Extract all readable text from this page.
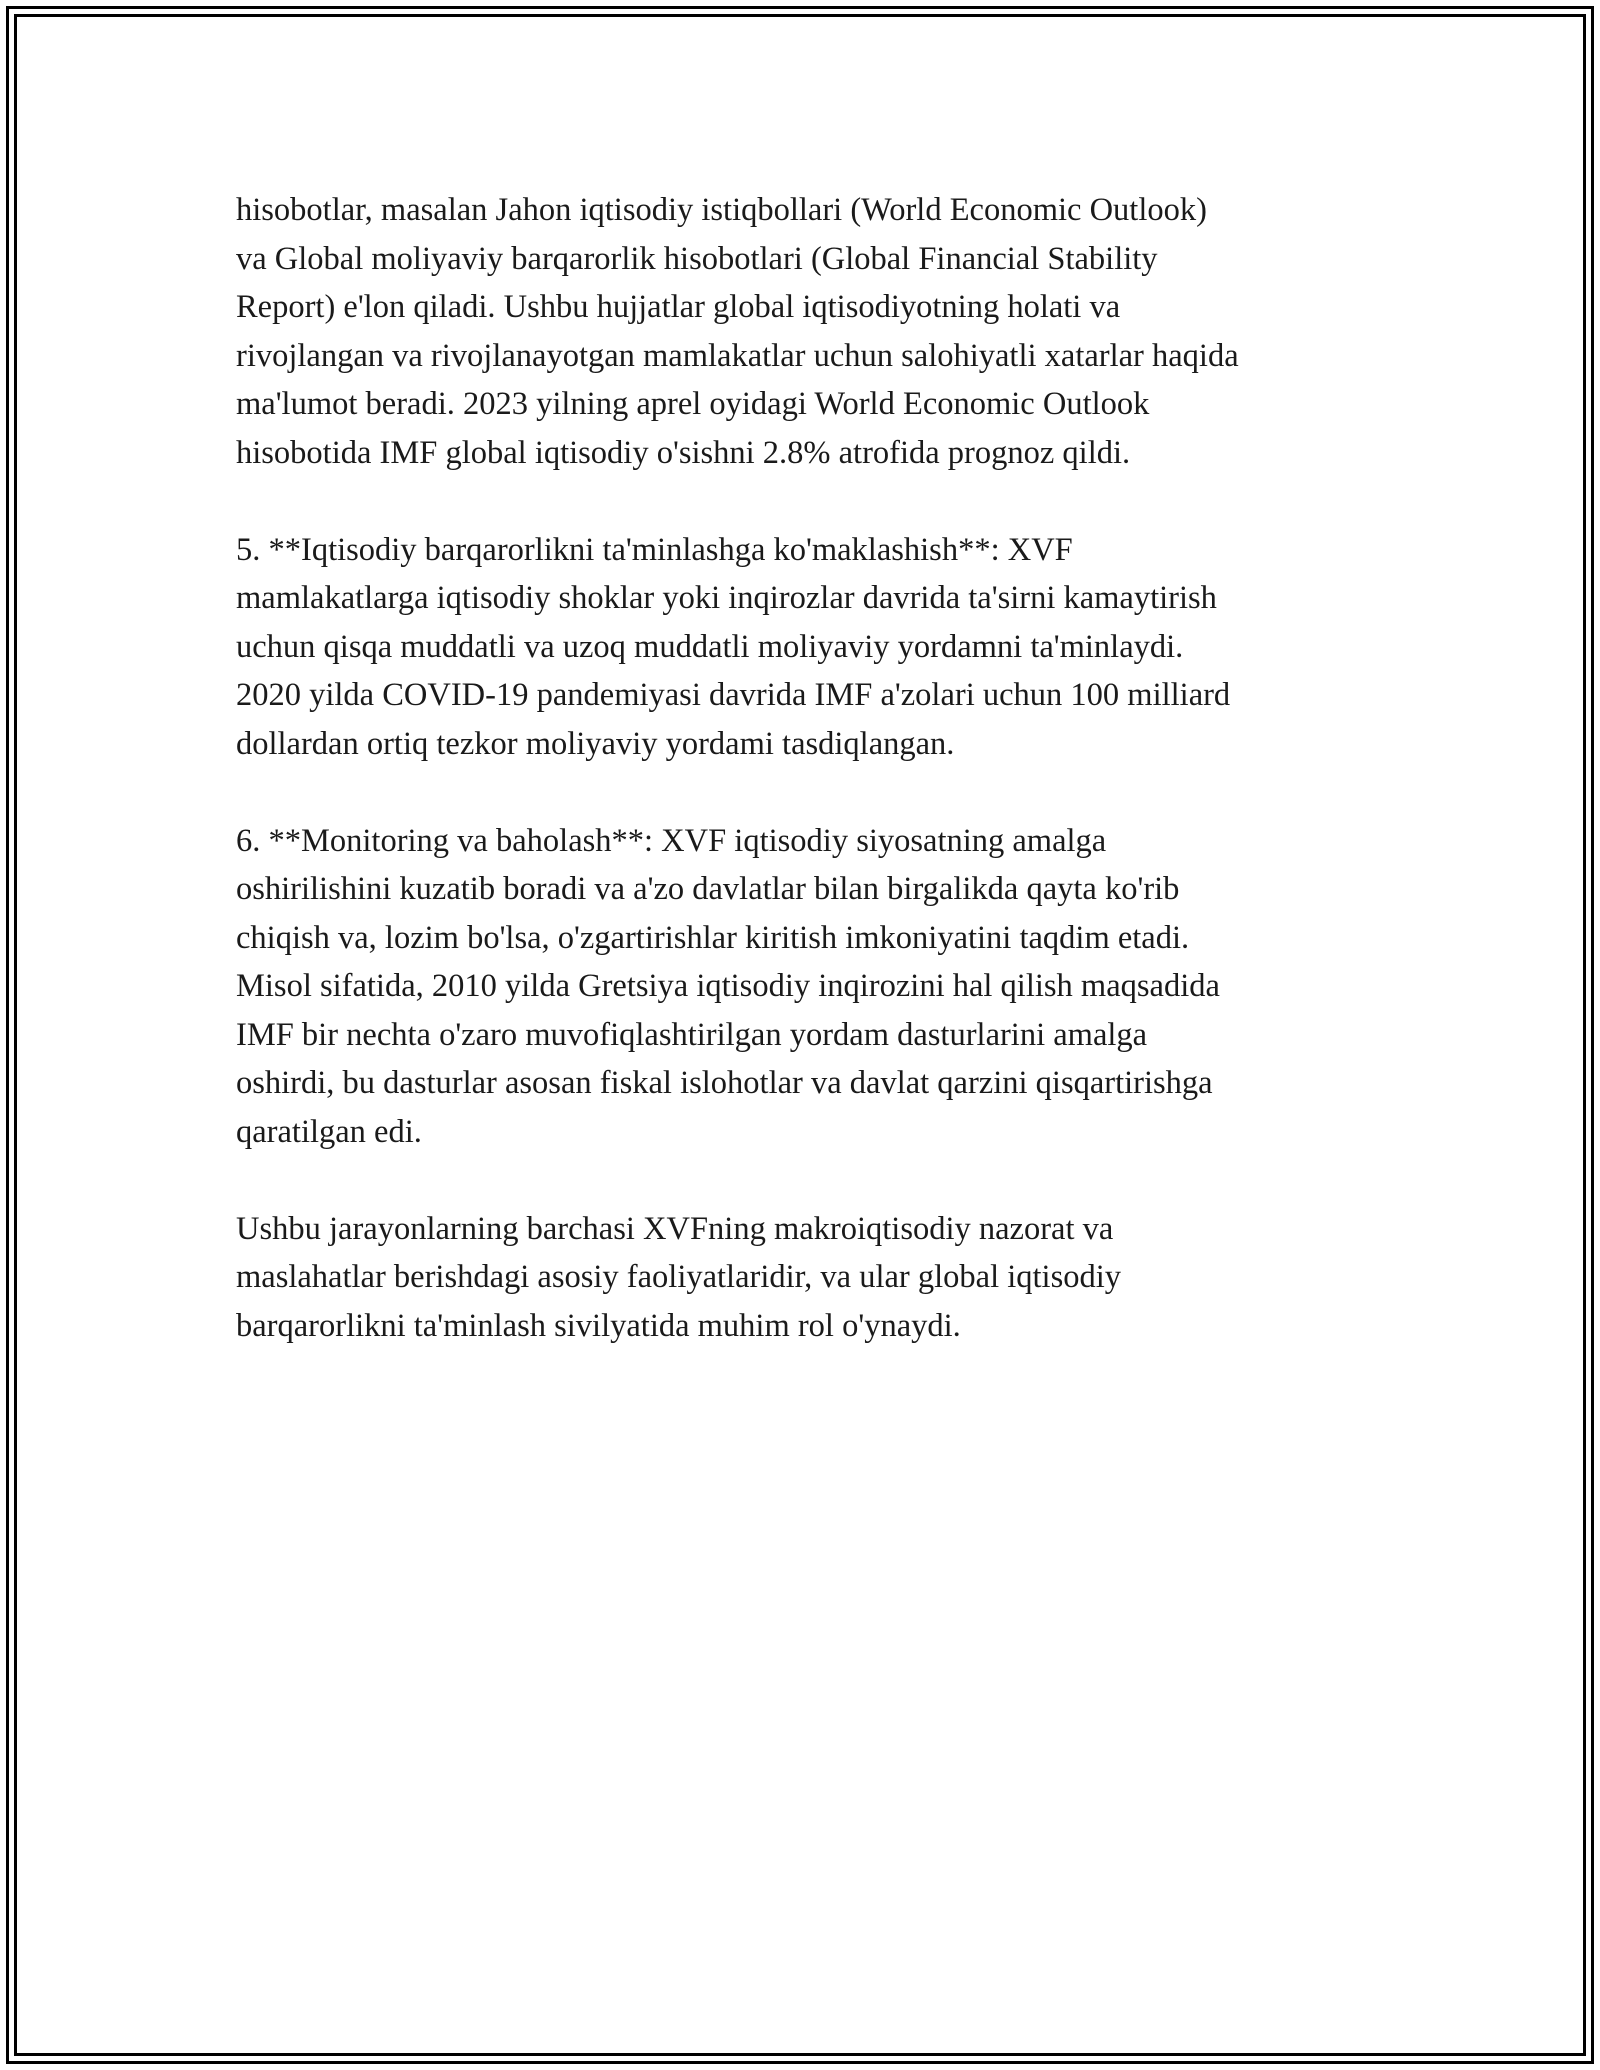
hisobotlar, masalan Jahon iqtisodiy istiqbollari (World Economic Outlook)
va Global moliyaviy barqarorlik hisobotlari (Global Financial Stability
Report) e'lon qiladi. Ushbu hujjatlar global iqtisodiyotning holati va
rivojlangan va rivojlanayotgan mamlakatlar uchun salohiyatli xatarlar haqida
ma'lumot beradi. 2023 yilning aprel oyidagi World Economic Outlook
hisobotida IMF global iqtisodiy o'sishni 2.8% atrofida prognoz qildi.

5. **Iqtisodiy barqarorlikni ta'minlashga ko'maklashish**: XVF
mamlakatlarga iqtisodiy shoklar yoki inqirozlar davrida ta'sirni kamaytirish
uchun qisqa muddatli va uzoq muddatli moliyaviy yordamni ta'minlaydi.
2020 yilda COVID-19 pandemiyasi davrida IMF a'zolari uchun 100 milliard
dollardan ortiq tezkor moliyaviy yordami tasdiqlangan.

6. **Monitoring va baholash**: XVF iqtisodiy siyosatning amalga
oshirilishini kuzatib boradi va a'zo davlatlar bilan birgalikda qayta ko'rib
chiqish va, lozim bo'lsa, o'zgartirishlar kiritish imkoniyatini taqdim etadi.
Misol sifatida, 2010 yilda Gretsiya iqtisodiy inqirozini hal qilish maqsadida
IMF bir nechta o'zaro muvofiqlashtirilgan yordam dasturlarini amalga
oshirdi, bu dasturlar asosan fiskal islohotlar va davlat qarzini qisqartirishga
qaratilgan edi.

Ushbu jarayonlarning barchasi XVFning makroiqtisodiy nazorat va
maslahatlar berishdagi asosiy faoliyatlaridir, va ular global iqtisodiy
barqarorlikni ta'minlash sivilyatida muhim rol o'ynaydi.
